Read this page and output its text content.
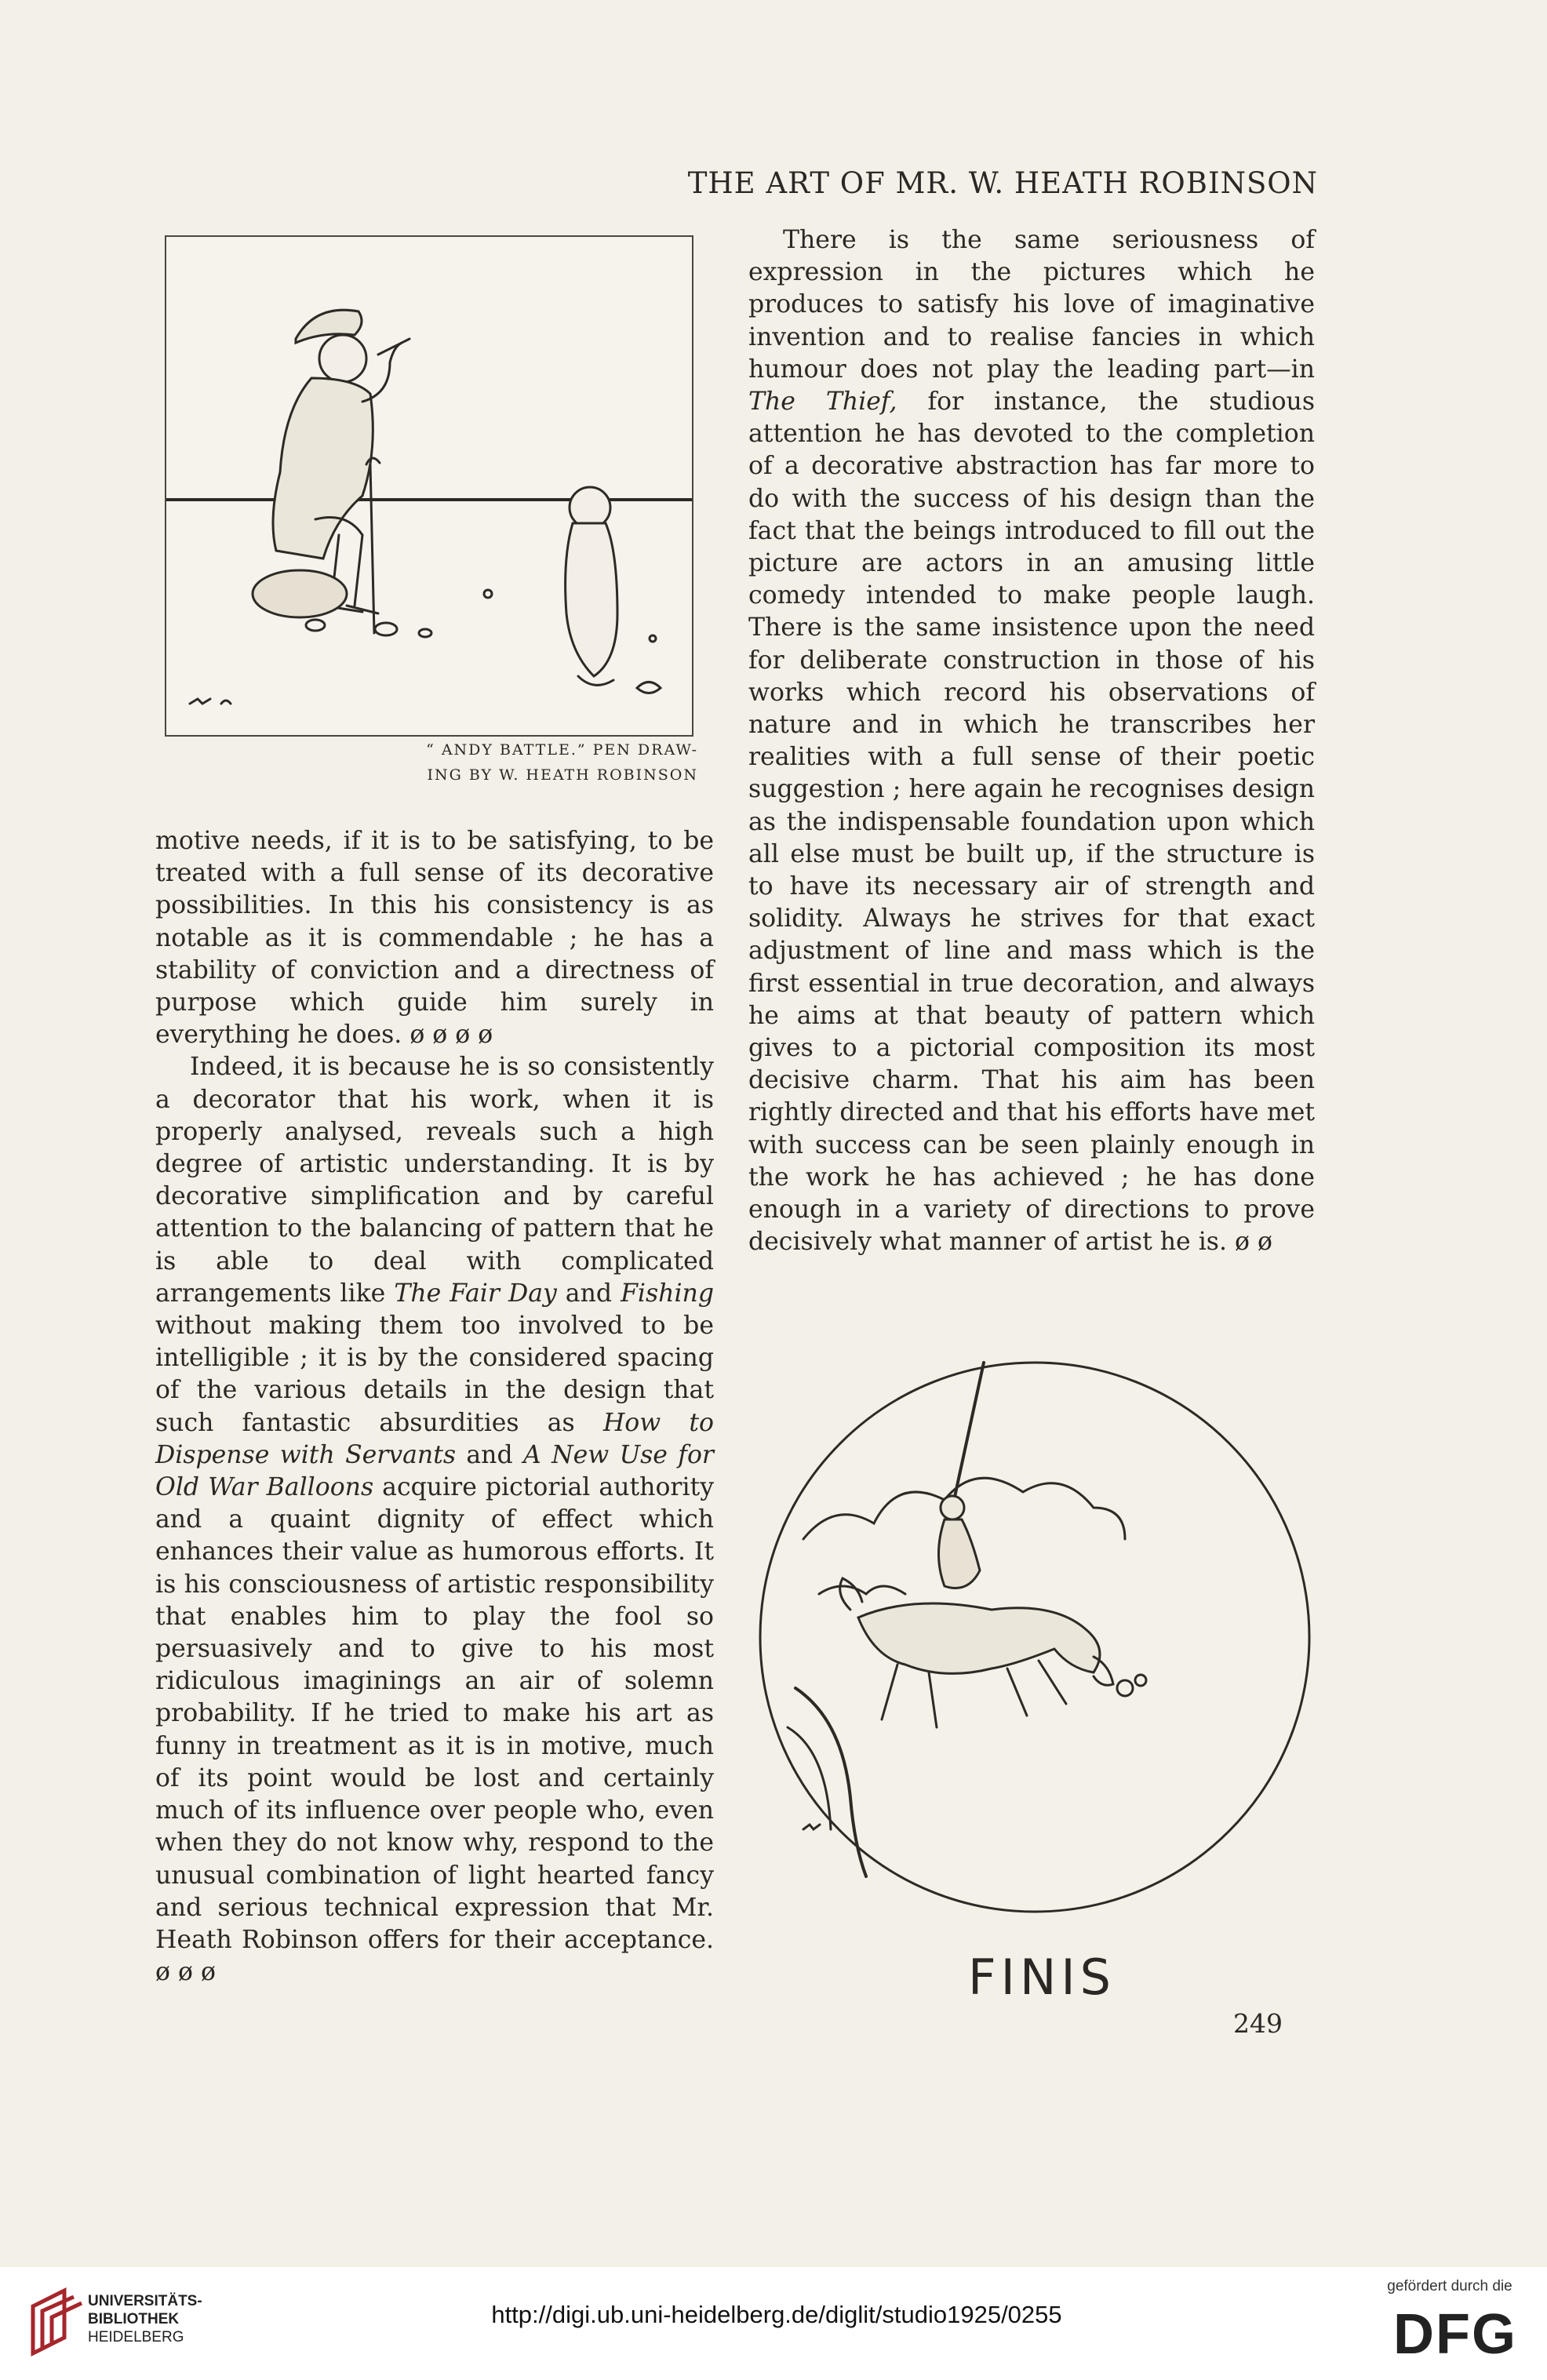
THE ART OF MR. W. HEATH ROBINSON
“ ANDY BATTLE.” PEN DRAW-
ING BY W. HEATH ROBINSON

motive needs, if it is to be satisfying, to be treated with a full sense of its decorative possibilities. In this his consistency is as notable as it is commendable ; he has a stability of conviction and a directness of purpose which guide him surely in everything he does. ø ø ø ø

Indeed, it is because he is so consistently a decorator that his work, when it is properly analysed, reveals such a high degree of artistic understanding. It is by decorative simplification and by careful attention to the balancing of pattern that he is able to deal with complicated arrangements like The Fair Day and Fishing without making them too involved to be intelligible ; it is by the considered spacing of the various details in the design that such fantastic absurdities as How to Dispense with Servants and A New Use for Old War Balloons acquire pictorial authority and a quaint dignity of effect which enhances their value as humorous efforts. It is his consciousness of artistic responsibility that enables him to play the fool so persuasively and to give to his most ridiculous imaginings an air of solemn probability. If he tried to make his art as funny in treatment as it is in motive, much of its point would be lost and certainly much of its influence over people who, even when they do not know why, respond to the unusual combination of light hearted fancy and serious technical expression that Mr. Heath Robinson offers for their acceptance. ø ø ø

There is the same seriousness of expression in the pictures which he produces to satisfy his love of imaginative invention and to realise fancies in which humour does not play the leading part—in The Thief, for instance, the studious attention he has devoted to the completion of a decorative abstraction has far more to do with the success of his design than the fact that the beings introduced to fill out the picture are actors in an amusing little comedy intended to make people laugh. There is the same insistence upon the need for deliberate construction in those of his works which record his observations of nature and in which he transcribes her realities with a full sense of their poetic suggestion ; here again he recognises design as the indispensable foundation upon which all else must be built up, if the structure is to have its necessary air of strength and solidity. Always he strives for that exact adjustment of line and mass which is the first essential in true decoration, and always he aims at that beauty of pattern which gives to a pictorial composition its most decisive charm. That his aim has been rightly directed and that his efforts have met with success can be seen plainly enough in the work he has achieved ; he has done enough in a variety of directions to prove decisively what manner of artist he is. ø ø

FINIS
249
UNIVERSITÄTS-
BIBLIOTHEK
HEIDELBERG
http://digi.ub.uni-heidelberg.de/diglit/studio1925/0255
gefördert durch die
DFG
